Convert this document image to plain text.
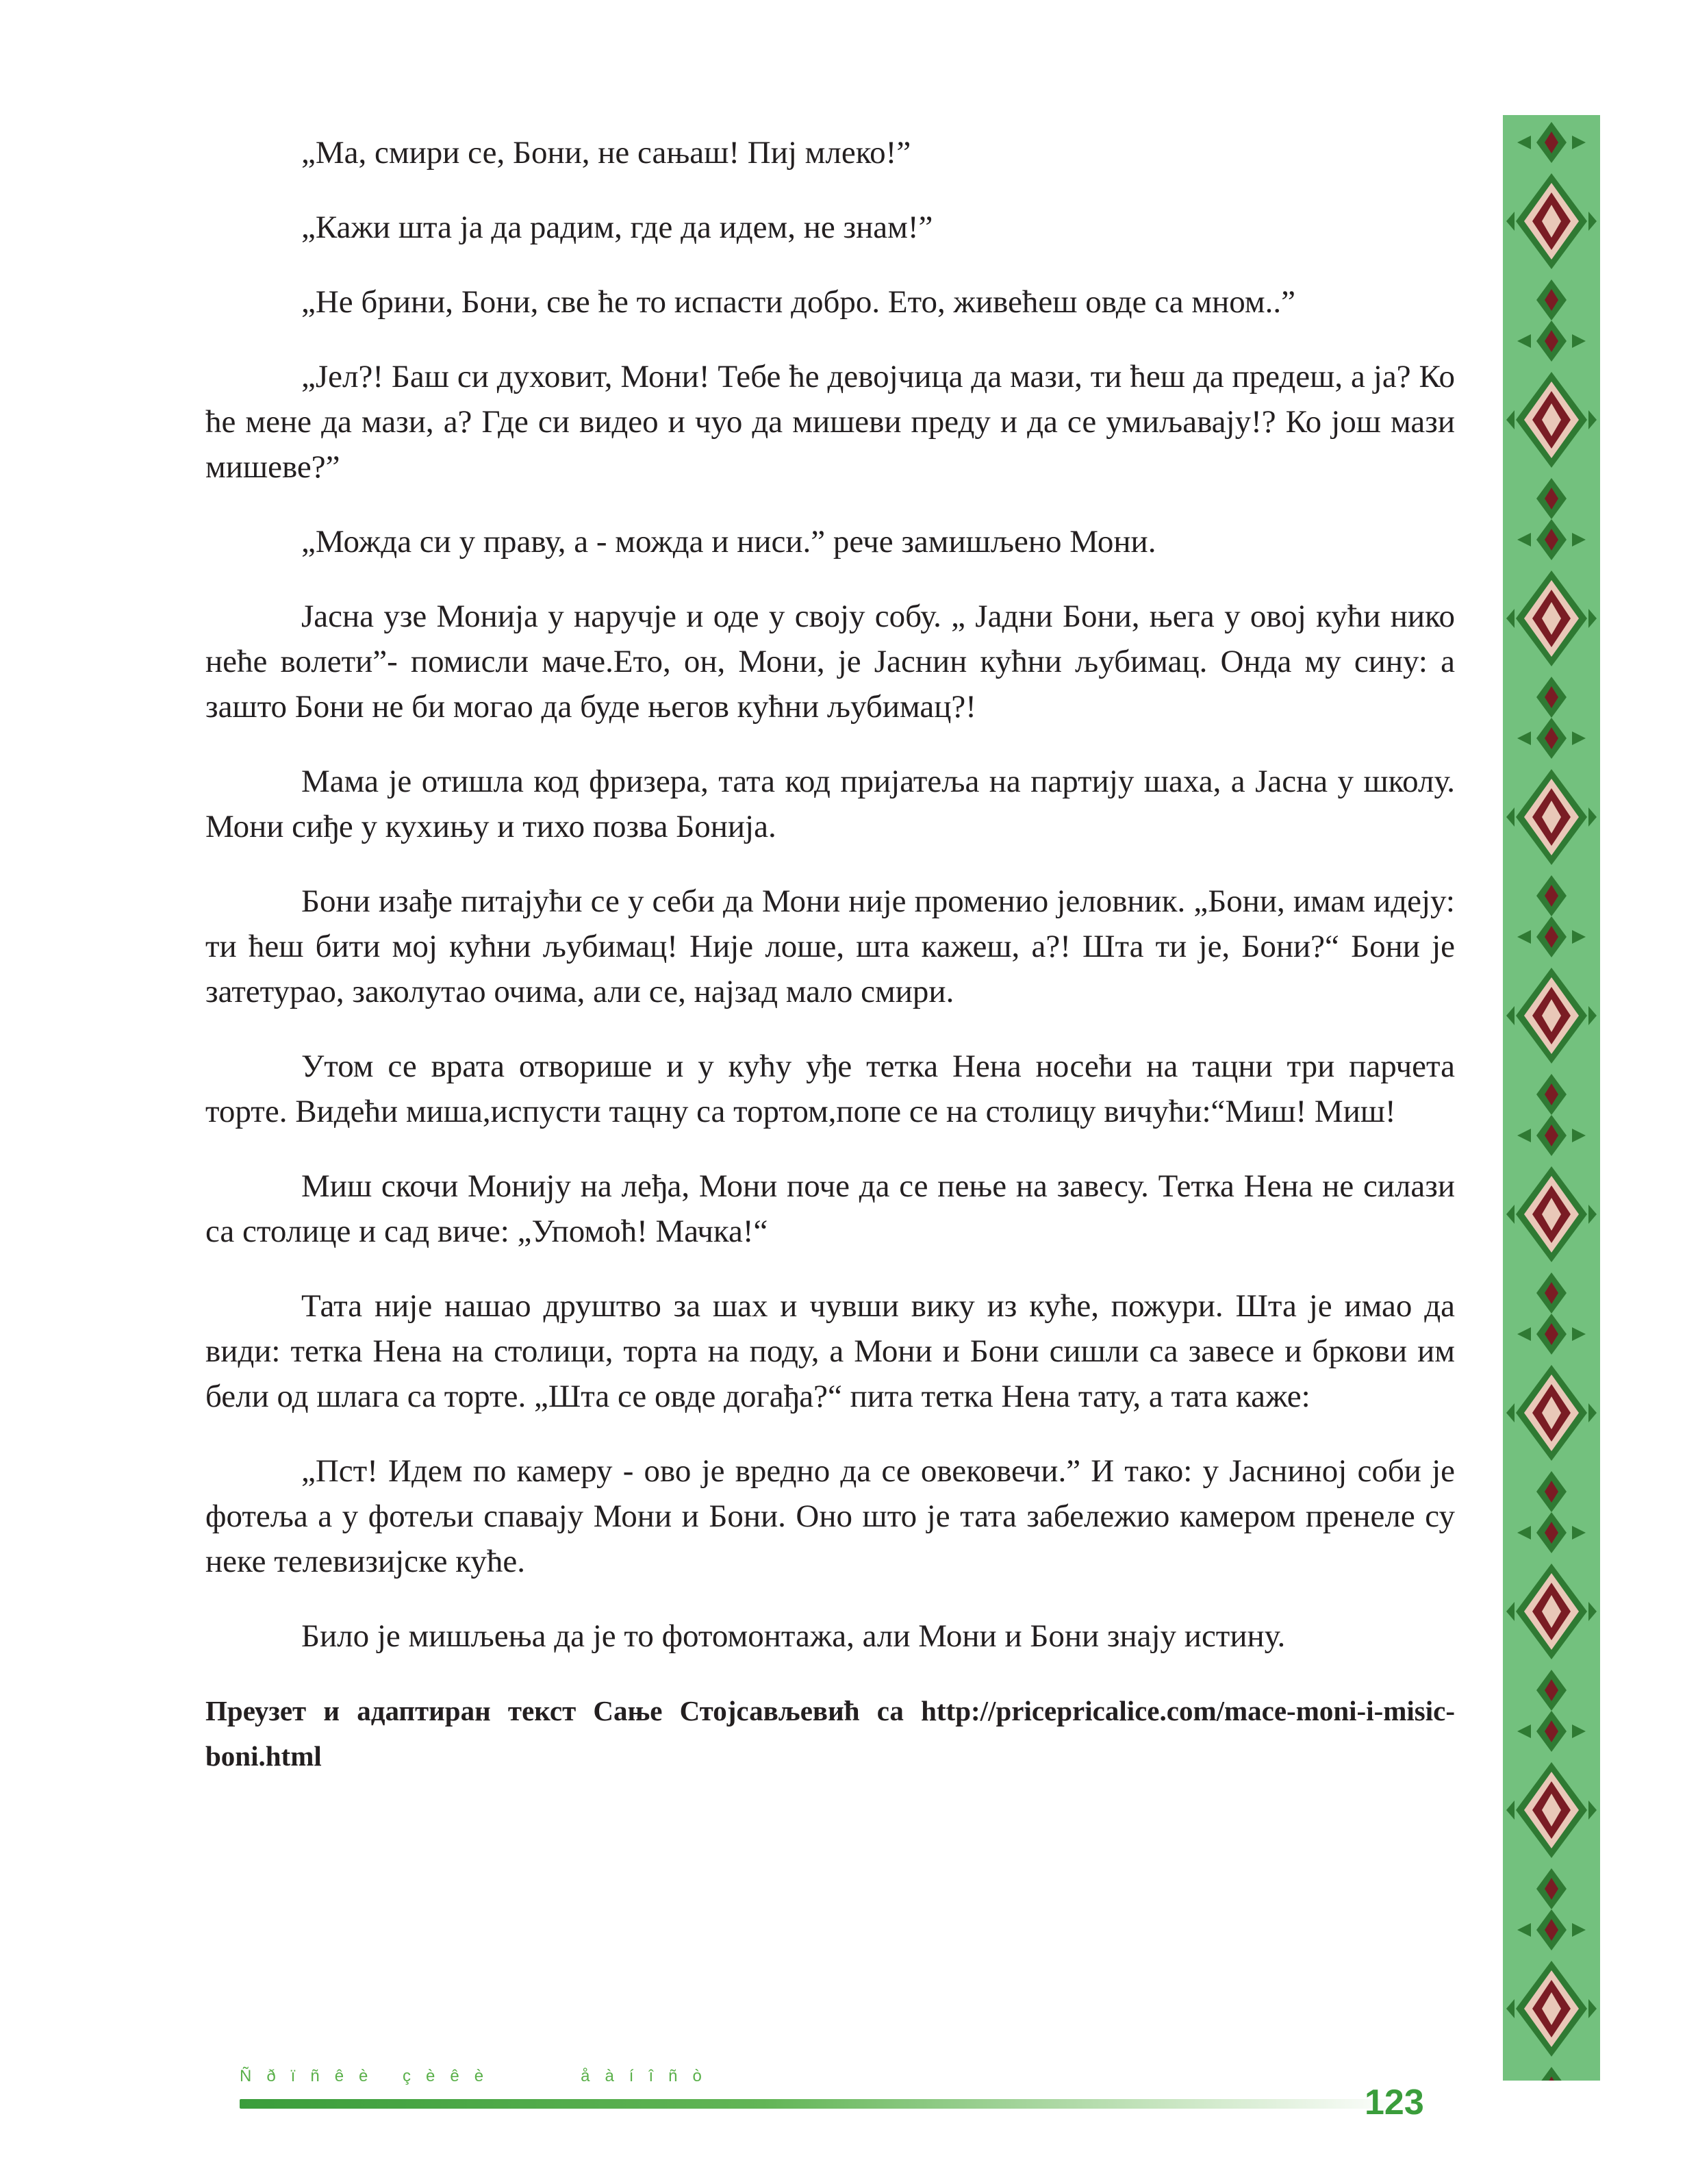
„Ма, смири се, Бони, не сањаш! Пиј млеко!”

„Кажи шта ја да радим, где да идем, не знам!”

„Не брини, Бони, све ће то испасти добро. Ето, живећеш овде са мном..”

„Јел?! Баш си духовит, Мони! Тебе ће девојчица да мази, ти ћеш да предеш, а ја? Ко ће мене да мази, а? Где си видео и чуо да мишеви преду и да се умиљавају!? Ко још мази мишеве?”

„Можда си у праву, а - можда и ниси.” рече замишљено Мони.

Јасна узе Монија у наручје и оде у своју собу. „ Јадни Бони, њега у овој кући нико неће волети”- помисли маче.Ето, он, Мони, је Јаснин кућни љубимац. Онда му сину: а зашто Бони не би могао да буде његов кућни љубимац?!

Мама је отишла код фризера, тата код пријатеља на партију шаха, а Јасна у школу. Мони сиђе у кухињу и тихо позва Бонија.

Бони изађе питајући се у себи да Мони није променио јеловник. „Бони, имам идеју: ти ћеш бити мој кућни љубимац! Није лоше, шта кажеш, а?! Шта ти је, Бони?“ Бони је затетурао, заколутао очима, али се, најзад мало смири.

Утом се врата отворише и у кућу уђе тетка Нена носећи на тацни три парчета торте. Видећи миша,испусти тацну са тортом,попе се на столицу вичући:“Миш! Миш!

Миш скочи Монију на леђа, Мони поче да се пење на завесу. Тетка Нена не силази са столице и сад виче: „Упомоћ! Мачка!“

Тата није нашао друштво за шах и чувши вику из куће, пожури. Шта је имао да види: тетка Нена на столици, торта на поду, а Мони и Бони сишли са завесе и бркови им бели од шлага са торте. „Шта се овде догађа?“ пита тетка Нена тату, а тата каже:

„Пст! Идем по камеру - ово је вредно да се овековечи.” И тако: у Јасниној соби је фотеља а у фотељи спавају Мони и Бони. Оно што је тата забележио камером пренеле су неке телевизијске куће.

Било је мишљења да је то фотомонтажа, али Мони и Бони знају истину.

Преузет и адаптиран текст Сање Стојсављевић са http://pricepricalice.com/mace-moni-i-misic-boni.html

Ñðïñêè çèêè	åàíîñò
123
